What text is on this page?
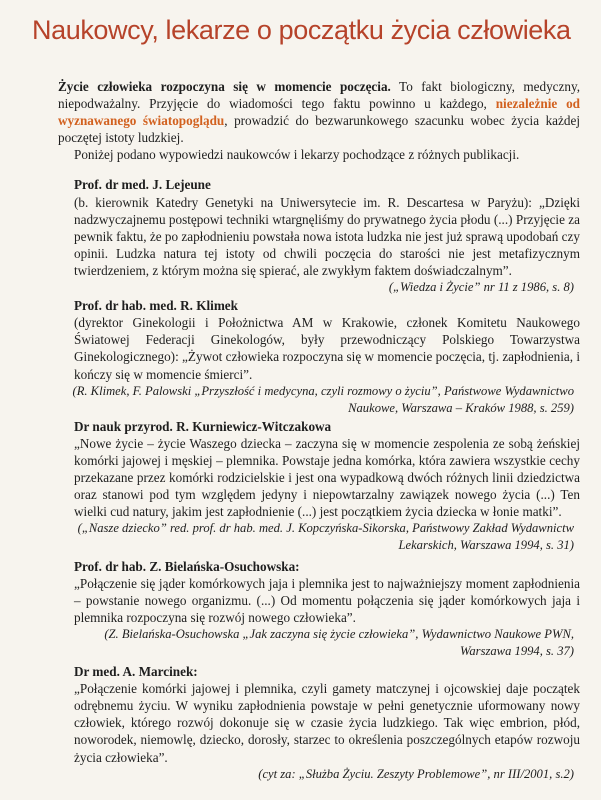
Naukowcy, lekarze o początku życia człowieka

Życie człowieka rozpoczyna się w momencie poczęcia. To fakt biologiczny, medyczny, niepodważalny. Przyjęcie do wiadomości tego faktu powinno u każdego, niezależnie od wyznawanego światopoglądu, prowadzić do bezwarunkowego szacunku wobec życia każdej poczętej istoty ludzkiej.

Poniżej podano wypowiedzi naukowców i lekarzy pochodzące z różnych publikacji.

Prof. dr med. J. Lejeune
(b. kierownik Katedry Genetyki na Uniwersytecie im. R. Descartesa w Paryżu): „Dzięki nadzwyczajnemu postępowi techniki wtargnęliśmy do prywatnego życia płodu (...) Przyjęcie za pewnik faktu, że po zapłodnieniu powstała nowa istota ludzka nie jest już sprawą upodobań czy opinii. Ludzka natura tej istoty od chwili poczęcia do starości nie jest metafizycznym twierdzeniem, z którym można się spierać, ale zwykłym faktem doświadczalnym”.
(„Wiedza i Życie” nr 11 z 1986, s. 8)
Prof. dr hab. med. R. Klimek
(dyrektor Ginekologii i Położnictwa AM w Krakowie, członek Komitetu Naukowego Światowej Federacji Ginekologów, były przewodniczący Polskiego Towarzystwa Ginekologicznego): „Żywot człowieka rozpoczyna się w momencie poczęcia, tj. zapłodnienia, i kończy się w momencie śmierci”.
(R. Klimek, F. Palowski „Przyszłość i medycyna, czyli rozmowy o życiu”, Państwowe Wydawnictwo Naukowe, Warszawa – Kraków 1988, s. 259)
Dr nauk przyrod. R. Kurniewicz-Witczakowa
„Nowe życie – życie Waszego dziecka – zaczyna się w momencie zespolenia ze sobą żeńskiej komórki jajowej i męskiej – plemnika. Powstaje jedna komórka, która zawiera wszystkie cechy przekazane przez komórki rodzicielskie i jest ona wypadkową dwóch różnych linii dziedzictwa oraz stanowi pod tym względem jedyny i niepowtarzalny zawiązek nowego życia (...) Ten wielki cud natury, jakim jest zapłodnienie (...) jest początkiem życia dziecka w łonie matki”.
(„Nasze dziecko” red. prof. dr hab. med. J. Kopczyńska-Sikorska, Państwowy Zakład Wydawnictw Lekarskich, Warszawa 1994, s. 31)
Prof. dr hab. Z. Bielańska-Osuchowska:
„Połączenie się jąder komórkowych jaja i plemnika jest to najważniejszy moment zapłodnienia – powstanie nowego organizmu. (...) Od momentu połączenia się jąder komórkowych jaja i plemnika rozpoczyna się rozwój nowego człowieka”.
(Z. Bielańska-Osuchowska „Jak zaczyna się życie człowieka”, Wydawnictwo Naukowe PWN, Warszawa 1994, s. 37)
Dr med. A. Marcinek:
„Połączenie komórki jajowej i plemnika, czyli gamety matczynej i ojcowskiej daje początek odrębnemu życiu. W wyniku zapłodnienia powstaje w pełni genetycznie uformowany nowy człowiek, którego rozwój dokonuje się w czasie życia ludzkiego. Tak więc embrion, płód, noworodek, niemowlę, dziecko, dorosły, starzec to określenia poszczególnych etapów rozwoju życia człowieka”.
(cyt za: „Służba Życiu. Zeszyty Problemowe”, nr III/2001, s.2)
